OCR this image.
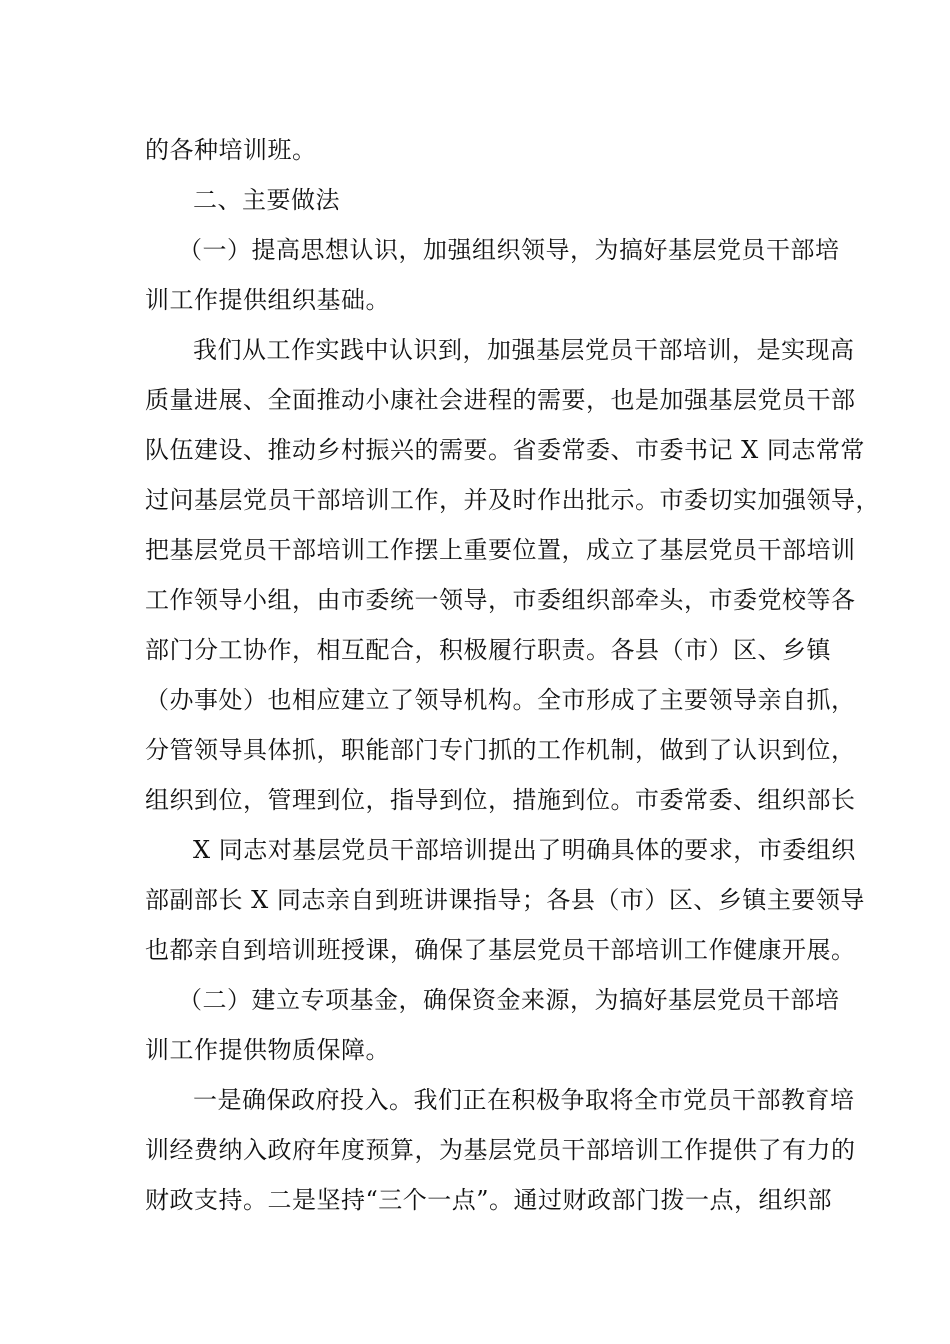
的各种培训班。
二、主要做法
（一）提高思想认识，加强组织领导，为搞好基层党员干部培
训工作提供组织基础。
我们从工作实践中认识到，加强基层党员干部培训，是实现高
质量进展、全面推动小康社会进程的需要，也是加强基层党员干部
队伍建设、推动乡村振兴的需要。省委常委、市委书记 X 同志常常
过问基层党员干部培训工作，并及时作出批示。市委切实加强领导，
把基层党员干部培训工作摆上重要位置，成立了基层党员干部培训
工作领导小组，由市委统一领导，市委组织部牵头，市委党校等各
部门分工协作，相互配合，积极履行职责。各县（市）区、乡镇
（办事处）也相应建立了领导机构。全市形成了主要领导亲自抓，
分管领导具体抓，职能部门专门抓的工作机制，做到了认识到位，
组织到位，管理到位，指导到位，措施到位。市委常委、组织部长
X 同志对基层党员干部培训提出了明确具体的要求，市委组织
部副部长 X 同志亲自到班讲课指导；各县（市）区、乡镇主要领导
也都亲自到培训班授课，确保了基层党员干部培训工作健康开展。
（二）建立专项基金，确保资金来源，为搞好基层党员干部培
训工作提供物质保障。
一是确保政府投入。我们正在积极争取将全市党员干部教育培
训经费纳入政府年度预算，为基层党员干部培训工作提供了有力的
财政支持。二是坚持“三个一点”。通过财政部门拨一点，组织部
